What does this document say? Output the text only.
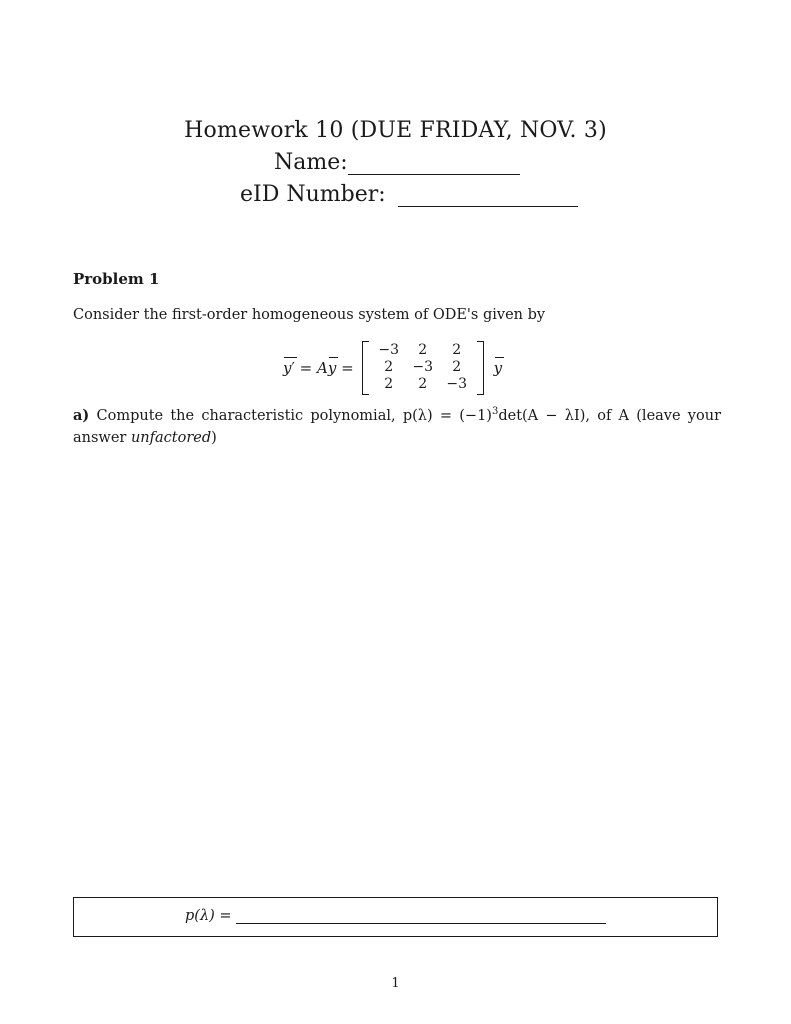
Homework 10 (DUE FRIDAY, NOV. 3)
Name:
eID Number:
Problem 1
Consider the first-order homogeneous system of ODE's given by
y′ = Ay =
−3	2	2
2	−3	2
2	2	−3
y
a) Compute the characteristic polynomial, $p(\lambda) = (-1)^3\det(A - \lambda I)$, of A (leave your answer unfactored)
p(λ) =
1
